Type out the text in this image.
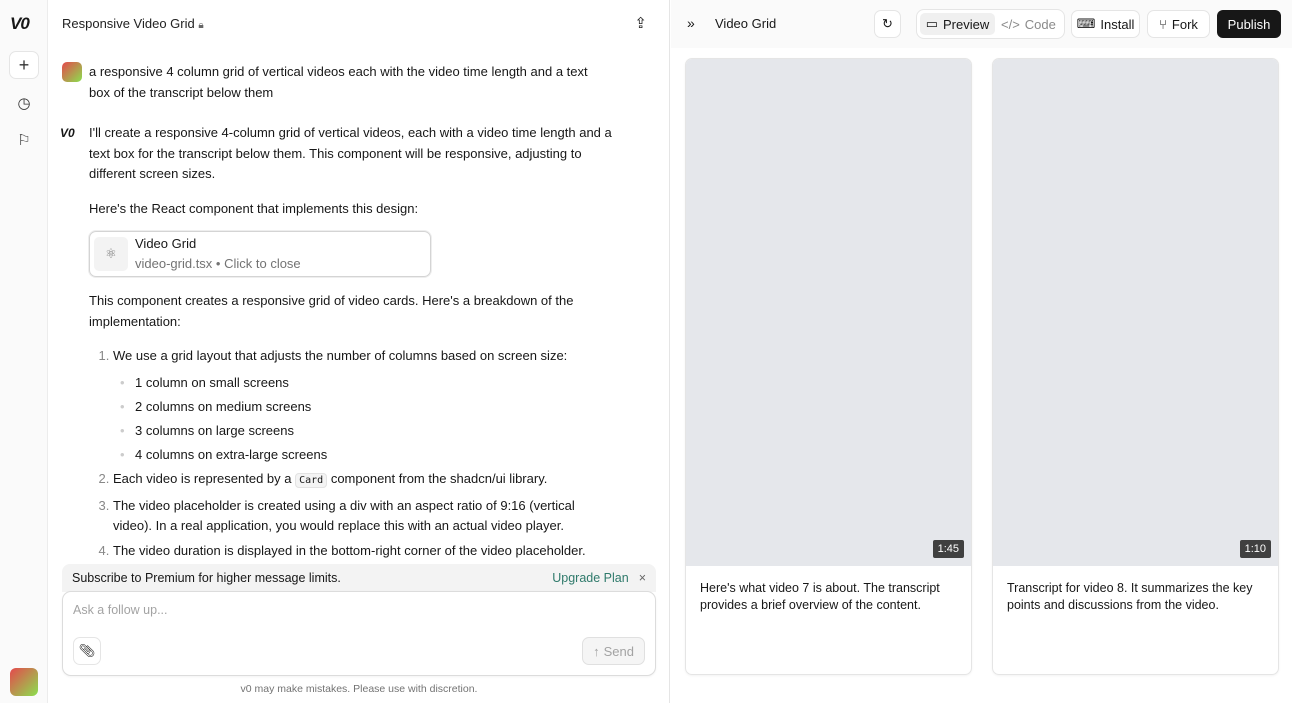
V0
+
◷
⚐
Responsive Video Grid 🔒︎	⇪
a responsive 4 column grid of vertical videos each with the video time length and a text box of the transcript below them
V0 I'll create a responsive 4-column grid of vertical videos, each with a video time length and a text box for the transcript below them. This component will be responsive, adjusting to different screen sizes.

Here's the React component that implements this design:

⚛
Video Grid
video-grid.tsx • Click to close

This component creates a responsive grid of video cards. Here's a breakdown of the implementation:

1. We use a grid layout that adjusts the number of columns based on screen size:
• 1 column on small screens
• 2 columns on medium screens
• 3 columns on large screens
• 4 columns on extra-large screens
2. Each video is represented by a Card component from the shadcn/ui library.
3. The video placeholder is created using a div with an aspect ratio of 9:16 (vertical video). In a real application, you would replace this with an actual video player.
4. The video duration is displayed in the bottom-right corner of the video placeholder.
Subscribe to Premium for higher message limits.	Upgrade Plan ×
Ask a follow up...
📎︎	↑ Send
v0 may make mistakes. Please use with discretion.
» Video Grid	↻	▭ Preview </> Code ⌨ Install ⑂ Fork	Publish
1:45
Here's what video 7 is about. The transcript provides a brief overview of the content.
1:10
Transcript for video 8. It summarizes the key points and discussions from the video.
